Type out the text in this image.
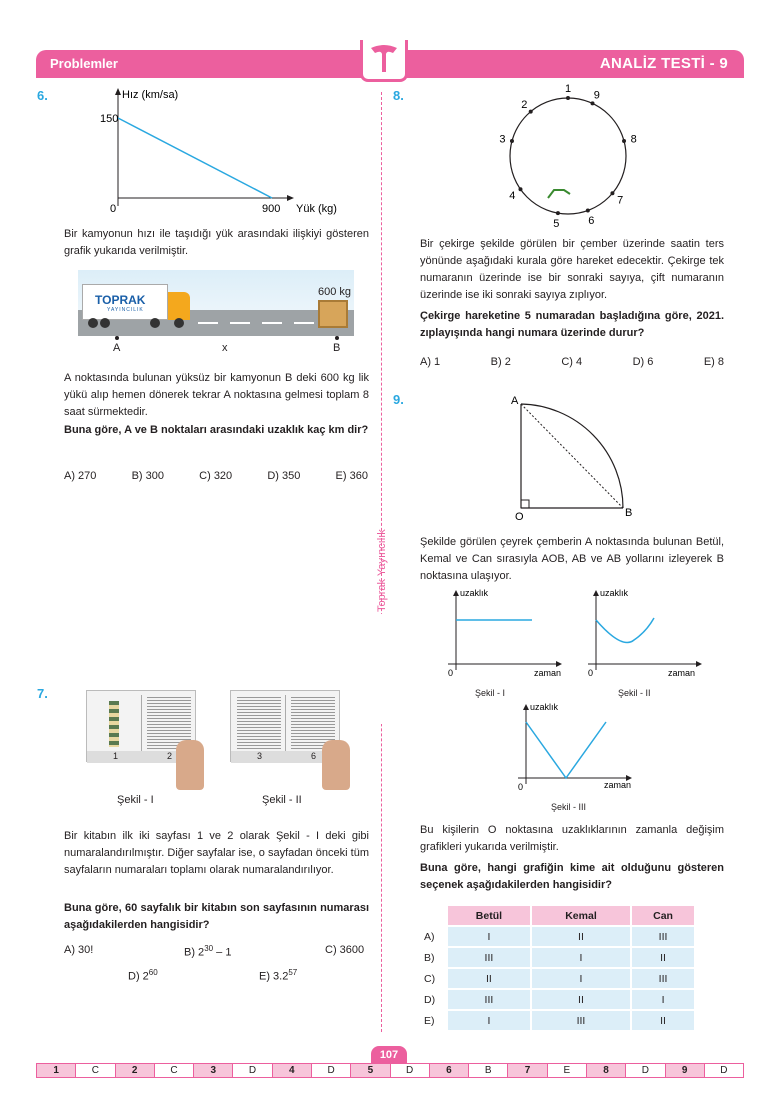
Problemler	ANALİZ TESTİ - 9
Toprak Yayıncılık
6.	Hız (km/sa)
Yük (kg)
150
900
0
Bir kamyonun hızı ile taşıdığı yük arasındaki ilişkiyi gösteren grafik yukarıda verilmiştir.
TOPRAK
YAYINCILIK
600 kg
A	x	B
A noktasında bulunan yüksüz bir kamyonun B deki 600 kg lik yükü alıp hemen dönerek tekrar A noktasına gelmesi toplam 8 saat sürmektedir.
Buna göre, A ve B noktaları arasındaki uzaklık kaç km dir?
A) 270	B) 300	C) 320	D) 350	E) 360
7.
1	2	3	6
Şekil - I	Şekil - II
Bir kitabın ilk iki sayfası 1 ve 2 olarak Şekil - I deki gibi numaralandırılmıştır. Diğer sayfalar ise, o sayfadan önceki tüm sayfaların numaraları toplamı olarak numaralandırılıyor.
Buna göre, 60 sayfalık bir kitabın son sayfasının numarası aşağıdakilerden hangisidir?
A) 30!	B) $2^{30} - 1$	C) 3600
D) $2^{60}$	E) $3.2^{57}$
8.	1
2
3
4
5	6
7
8
9
Bir çekirge şekilde görülen bir çember üzerinde saatin ters yönünde aşağıdaki kurala göre hareket edecektir. Çekirge tek numaranın üzerinde ise bir sonraki sayıya, çift numaranın üzerinde ise iki sonraki sayıya zıplıyor.
Çekirge hareketine 5 numaradan başladığına göre, 2021. zıplayışında hangi numara üzerinde durur?
A) 1	B) 2	C) 4	D) 6	E) 8
9.	A
B
O
Şekilde görülen çeyrek çemberin A noktasında bulunan Betül, Kemal ve Can sırasıyla AOB, AB ve AB yollarını izleyerek B noktasına ulaşıyor.
uzaklık
zaman
0
Şekil - I
uzaklık
zaman
0
Şekil - II
uzaklık
zaman
0
Şekil - III
Bu kişilerin O noktasına uzaklıklarının zamanla değişim grafikleri yukarıda verilmiştir.
Buna göre, hangi grafiğin kime ait olduğunu gösteren seçenek aşağıdakilerden hangisidir?
	Betül	Kemal	Can
A)	I	II	III
B)	III	I	II
C)	II	I	III
D)	III	II	I
E)	I	III	II
107
1	C	2	C	3	D	4	D	5	D	6	B	7	E	8	D	9	D
